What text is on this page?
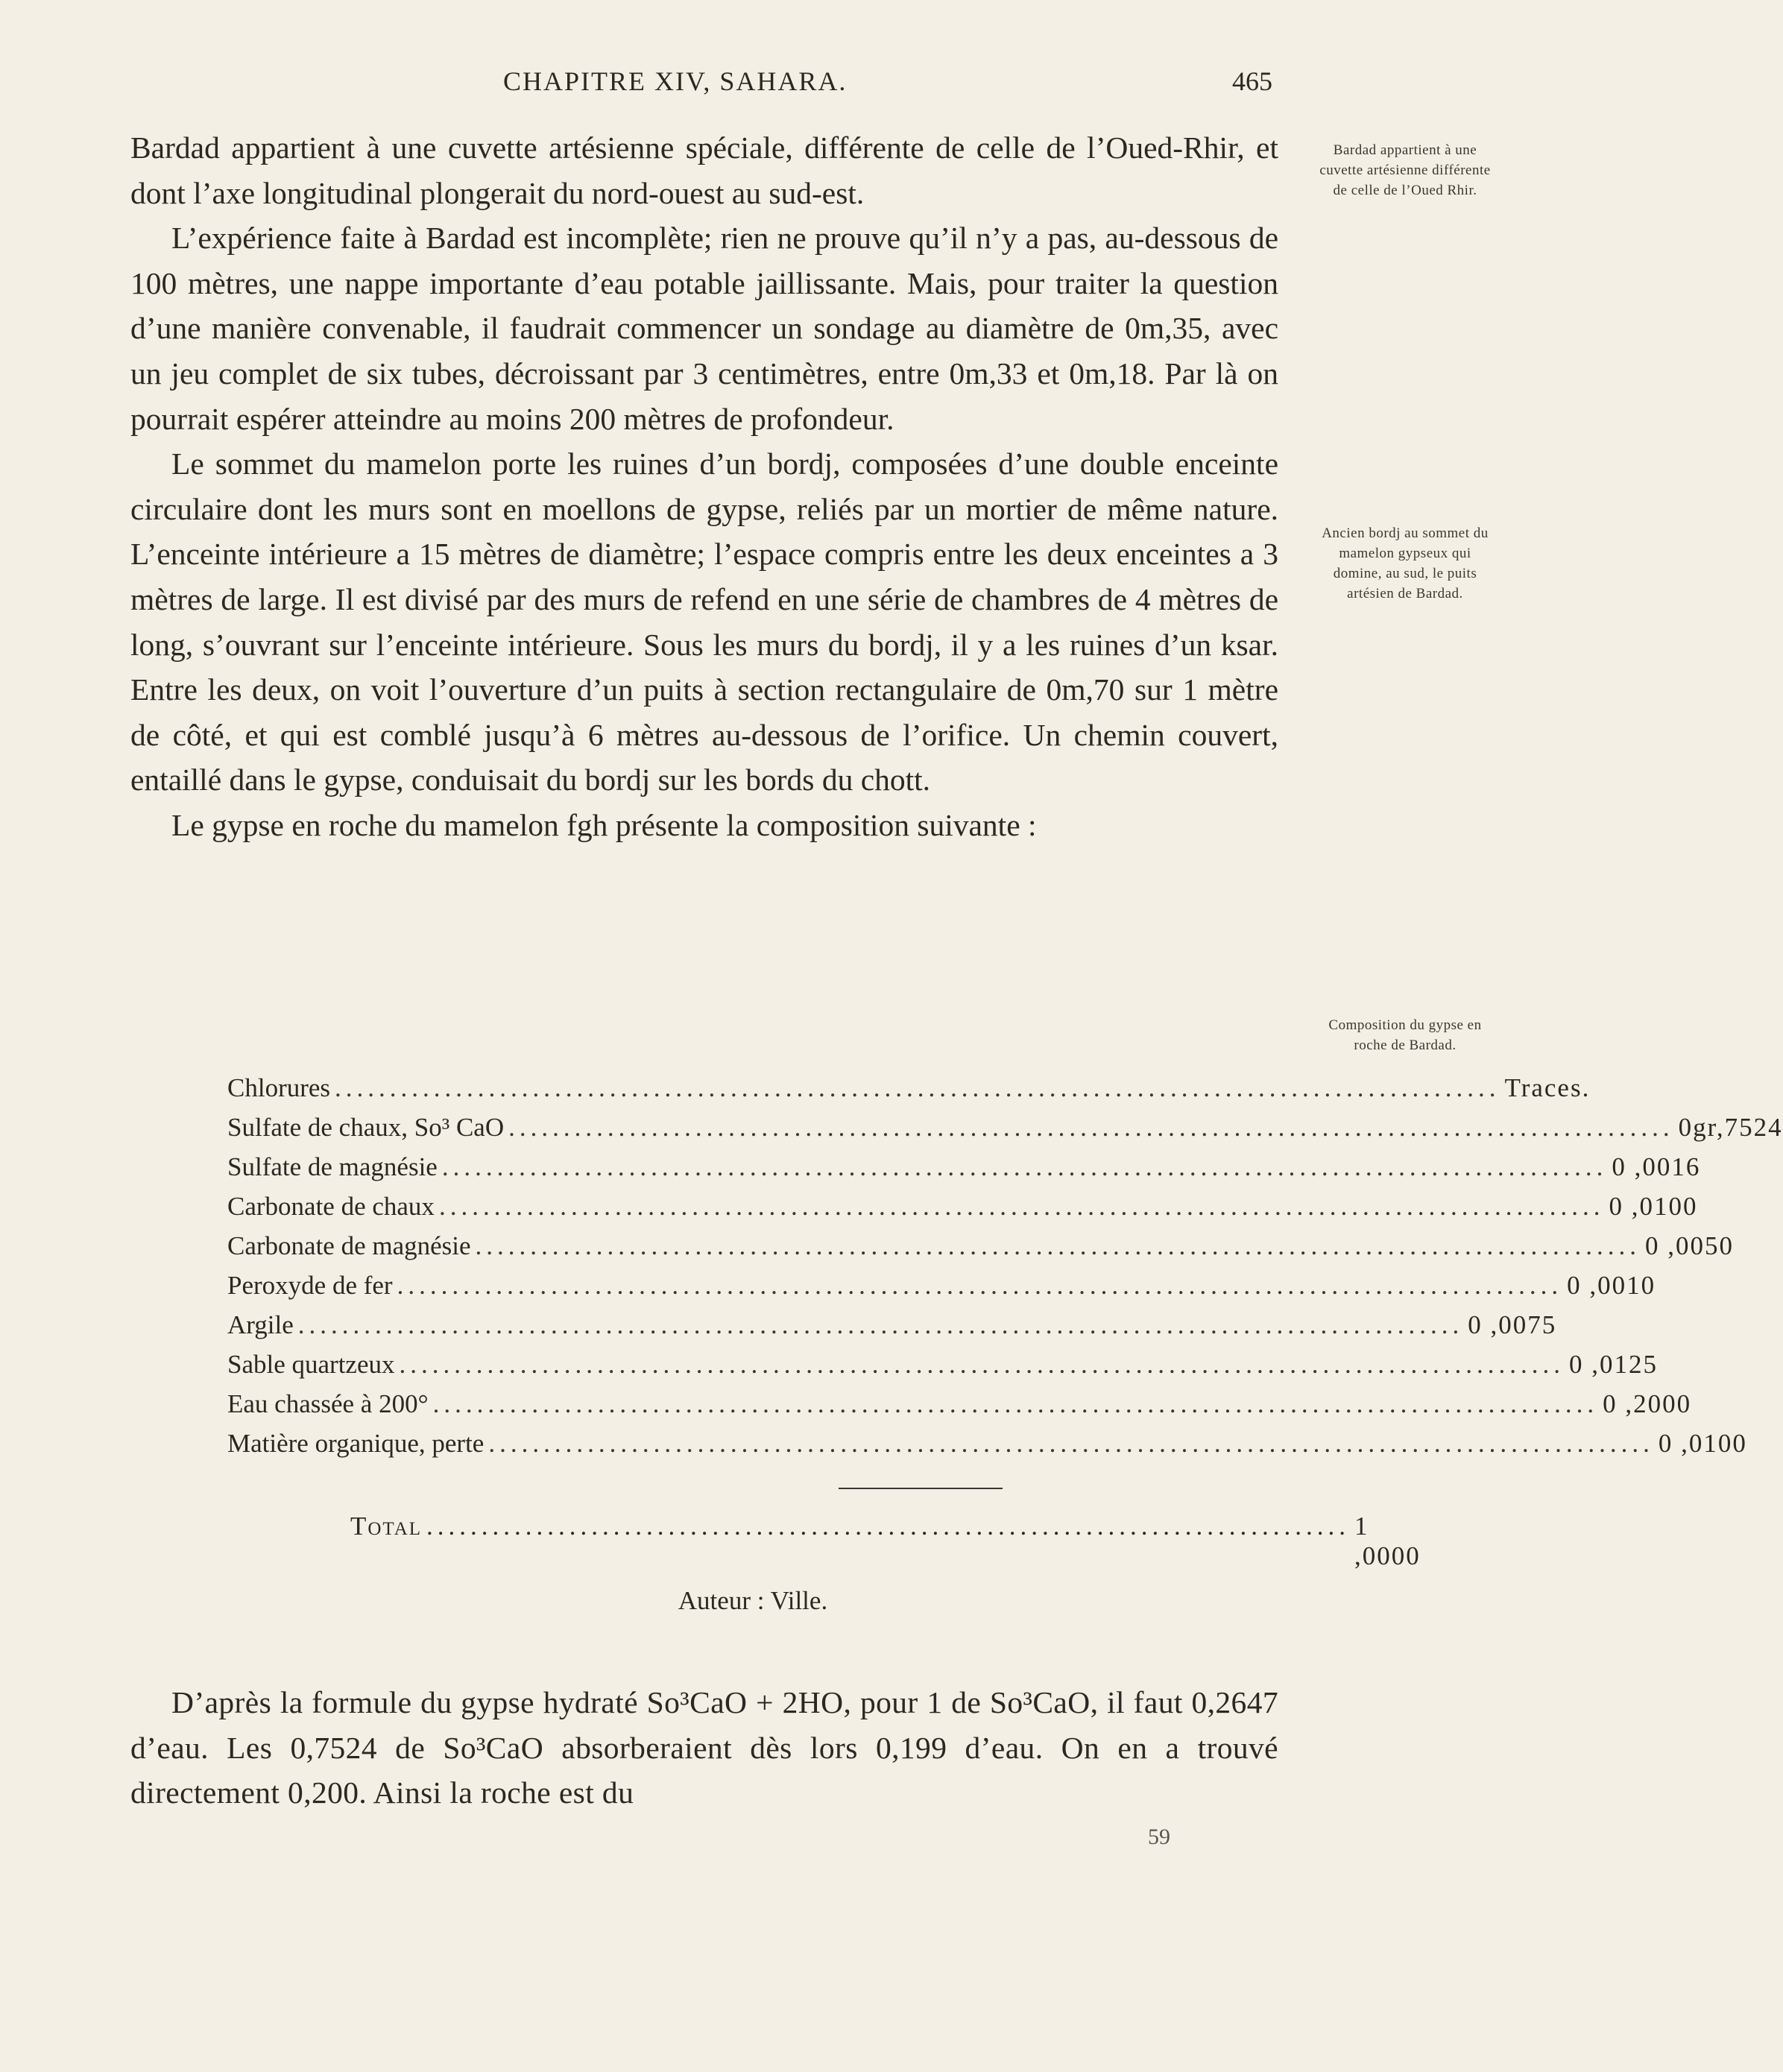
CHAPITRE XIV, SAHARA.	465

Bardad appartient à une cuvette artésienne spéciale, différente de celle de l’Oued-Rhir, et dont l’axe longitudinal plongerait du nord-ouest au sud-est.

L’expérience faite à Bardad est incomplète; rien ne prouve qu’il n’y a pas, au-dessous de 100 mètres, une nappe importante d’eau potable jaillissante. Mais, pour traiter la question d’une manière convenable, il faudrait commencer un sondage au diamètre de 0m,35, avec un jeu complet de six tubes, décroissant par 3 centimètres, entre 0m,33 et 0m,18. Par là on pourrait espérer atteindre au moins 200 mètres de profondeur.

Le sommet du mamelon porte les ruines d’un bordj, composées d’une double enceinte circulaire dont les murs sont en moellons de gypse, reliés par un mortier de même nature. L’enceinte intérieure a 15 mètres de diamètre; l’espace compris entre les deux enceintes a 3 mètres de large. Il est divisé par des murs de refend en une série de chambres de 4 mètres de long, s’ouvrant sur l’enceinte intérieure. Sous les murs du bordj, il y a les ruines d’un ksar. Entre les deux, on voit l’ouverture d’un puits à section rectangulaire de 0m,70 sur 1 mètre de côté, et qui est comblé jusqu’à 6 mètres au-dessous de l’orifice. Un chemin couvert, entaillé dans le gypse, conduisait du bordj sur les bords du chott.

Le gypse en roche du mamelon fgh présente la composition suivante :

Bardad appartient à une cuvette artésienne différente de celle de l’Oued Rhir.
Ancien bordj au sommet du mamelon gypseux qui domine, au sud, le puits artésien de Bardad.
Composition du gypse en roche de Bardad.
Chlorures .......................................................................................................... Traces.
Sulfate de chaux, So³ CaO .......................................................................................................... 0gr,7524
Sulfate de magnésie .......................................................................................................... 0 ,0016
Carbonate de chaux .......................................................................................................... 0 ,0100
Carbonate de magnésie .......................................................................................................... 0 ,0050
Peroxyde de fer .......................................................................................................... 0 ,0010
Argile .......................................................................................................... 0 ,0075
Sable quartzeux .......................................................................................................... 0 ,0125
Eau chassée à 200° .......................................................................................................... 0 ,2000
Matière organique, perte .......................................................................................................... 0 ,0100
Total .................................................................................... 1 ,0000
Auteur : Ville.

D’après la formule du gypse hydraté So³CaO + 2HO, pour 1 de So³CaO, il faut 0,2647 d’eau. Les 0,7524 de So³CaO absorberaient dès lors 0,199 d’eau. On en a trouvé directement 0,200. Ainsi la roche est du

59
